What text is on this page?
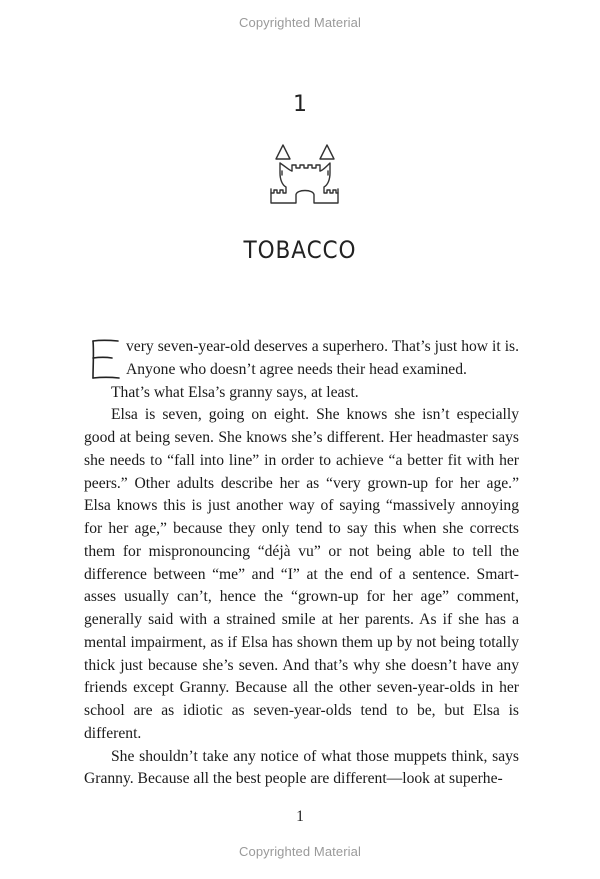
Copyrighted Material
1
TOBACCO

very seven-year-old deserves a superhero. That’s just how it is. Anyone who doesn’t agree needs their head examined.

That’s what Elsa’s granny says, at least.

Elsa is seven, going on eight. She knows she isn’t especially good at being seven. She knows she’s different. Her headmaster says she needs to “fall into line” in order to achieve “a better fit with her peers.” Other adults describe her as “very grown-up for her age.” Elsa knows this is just another way of saying “massively annoying for her age,” because they only tend to say this when she corrects them for mispronouncing “déjà vu” or not being able to tell the difference between “me” and “I” at the end of a sentence. Smart-asses usually can’t, hence the “grown-up for her age” comment, generally said with a strained smile at her parents. As if she has a mental impairment, as if Elsa has shown them up by not being totally thick just because she’s seven. And that’s why she doesn’t have any friends except Granny. Because all the other seven-year-olds in her school are as idiotic as seven-year-olds tend to be, but Elsa is different.

She shouldn’t take any notice of what those muppets think, says Granny. Because all the best people are different—look at superhe-

1
Copyrighted Material
